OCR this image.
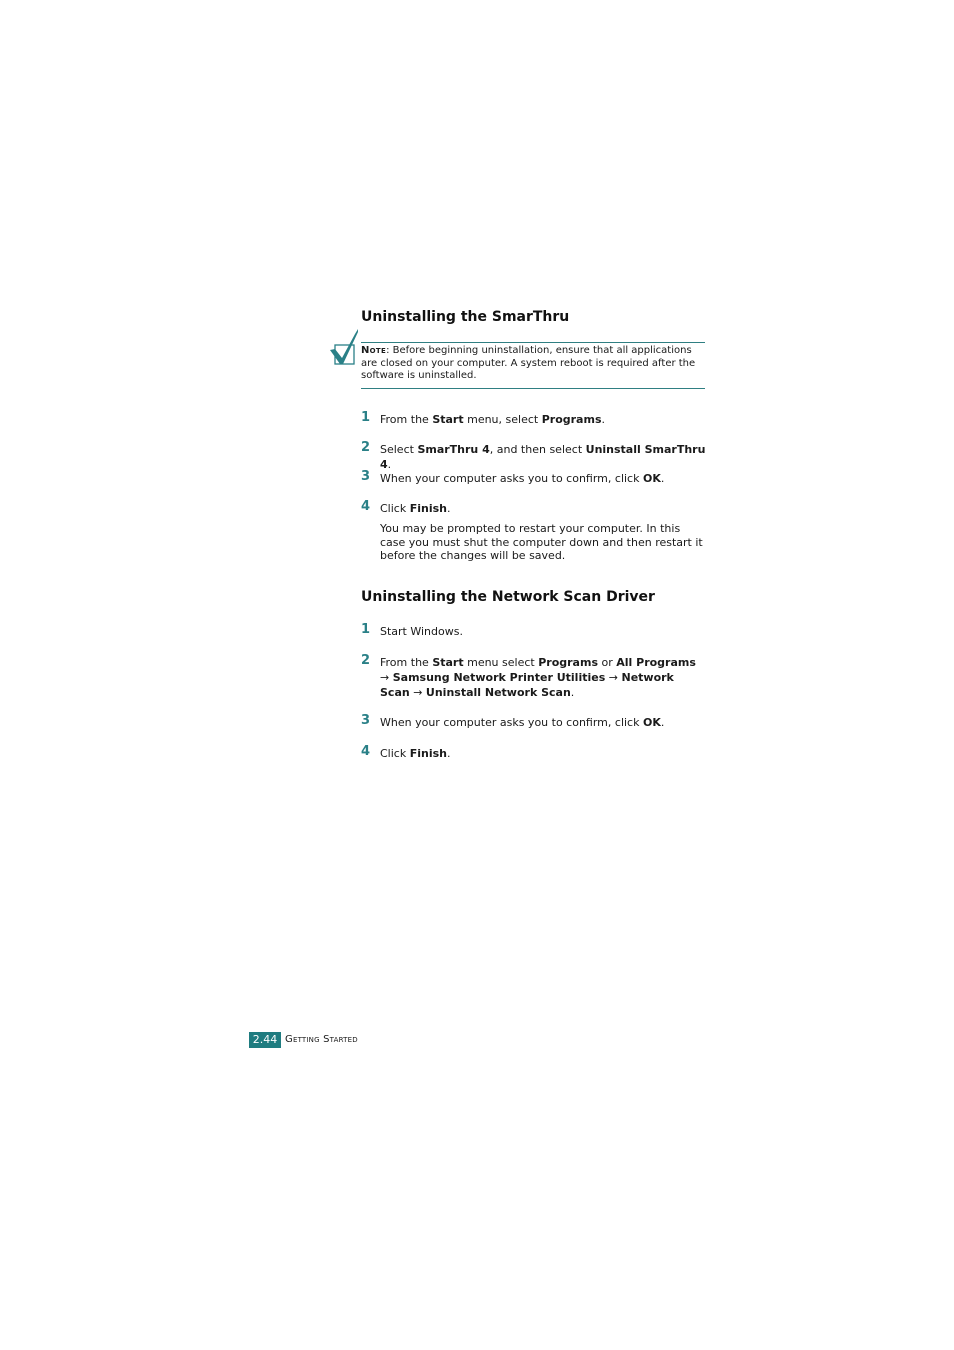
Uninstalling the SmarThru
Note: Before beginning uninstallation, ensure that all applications are closed on your computer. A system reboot is required after the software is uninstalled.
1 From the Start menu, select Programs.
2 Select SmarThru 4, and then select Uninstall SmarThru 4.
3 When your computer asks you to confirm, click OK.
4 Click Finish.
You may be prompted to restart your computer. In this case you must shut the computer down and then restart it before the changes will be saved.
Uninstalling the Network Scan Driver
1 Start Windows.
2 From the Start menu select Programs or All Programs → Samsung Network Printer Utilities → Network Scan → Uninstall Network Scan.
3 When your computer asks you to confirm, click OK.
4 Click Finish.
2.44 Getting Started
